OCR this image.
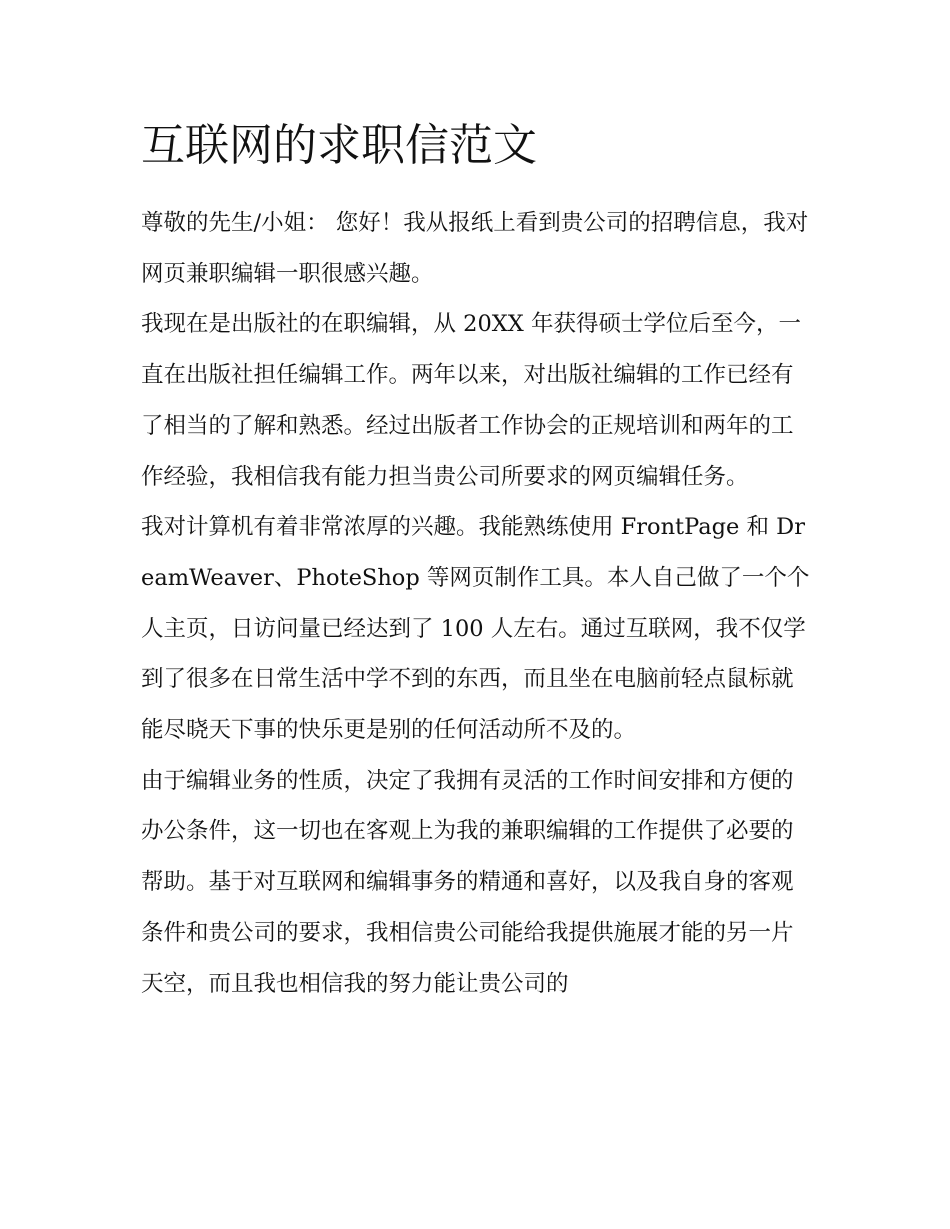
互联网的求职信范文

尊敬的先生/小姐： 您好！我从报纸上看到贵公司的招聘信息，我对网页兼职编辑一职很感兴趣。

我现在是出版社的在职编辑，从 20XX 年获得硕士学位后至今，一直在出版社担任编辑工作。两年以来，对出版社编辑的工作已经有了相当的了解和熟悉。经过出版者工作协会的正规培训和两年的工作经验，我相信我有能力担当贵公司所要求的网页编辑任务。

我对计算机有着非常浓厚的兴趣。我能熟练使用 FrontPage 和 DreamWeaver、PhoteShop 等网页制作工具。本人自己做了一个个人主页，日访问量已经达到了 100 人左右。通过互联网，我不仅学到了很多在日常生活中学不到的东西，而且坐在电脑前轻点鼠标就能尽晓天下事的快乐更是别的任何活动所不及的。

由于编辑业务的性质，决定了我拥有灵活的工作时间安排和方便的办公条件，这一切也在客观上为我的兼职编辑的工作提供了必要的帮助。基于对互联网和编辑事务的精通和喜好，以及我自身的客观条件和贵公司的要求，我相信贵公司能给我提供施展才能的另一片天空，而且我也相信我的努力能让贵公司的
